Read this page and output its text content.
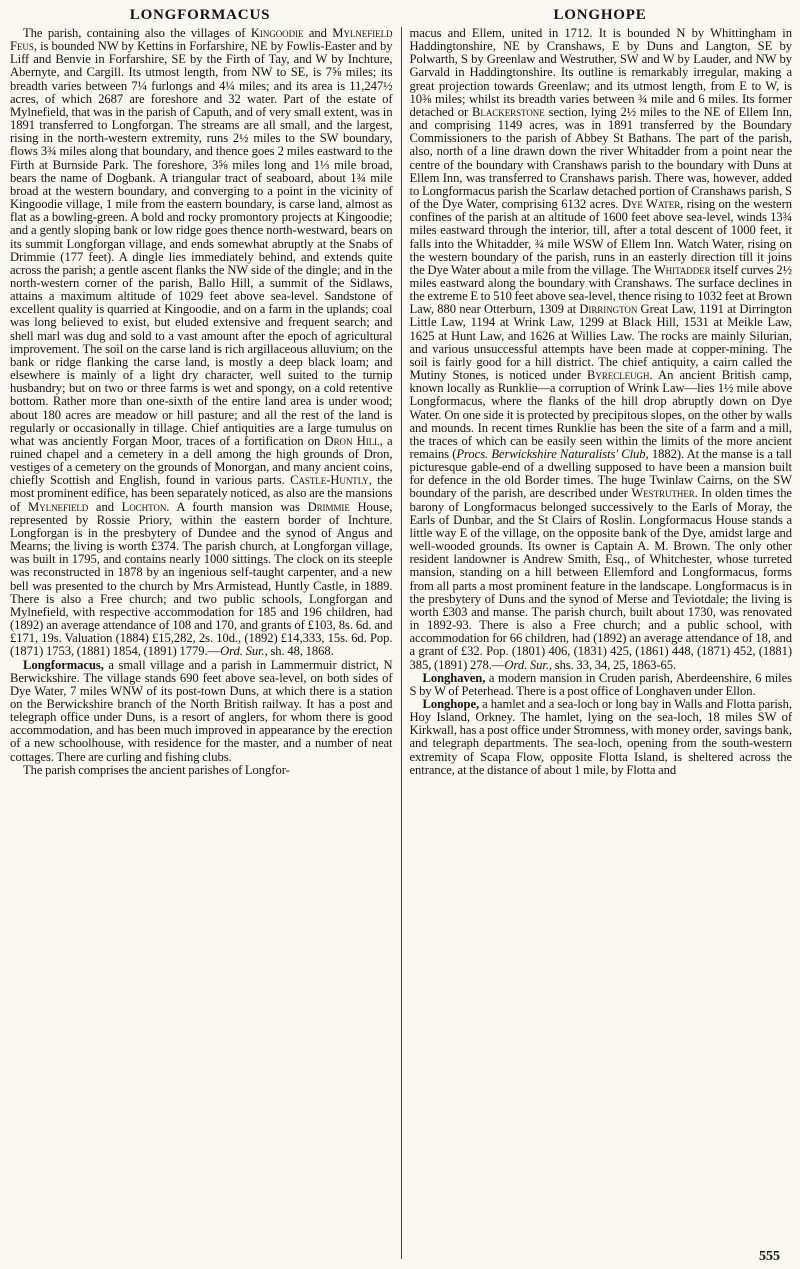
LONGFORMACUS	LONGHOPE

The parish, containing also the villages of Kingoodie and Mylnefield Feus, is bounded NW by Kettins in Forfarshire, NE by Fowlis-Easter and by Liff and Benvie in Forfarshire, SE by the Firth of Tay, and W by Inchture, Abernyte, and Cargill. Its utmost length, from NW to SE, is 7⅝ miles; its breadth varies between 7¼ furlongs and 4¼ miles; and its area is 11,247½ acres, of which 2687 are foreshore and 32 water. Part of the estate of Mylnefield, that was in the parish of Caputh, and of very small extent, was in 1891 transferred to Longforgan. The streams are all small, and the largest, rising in the north-western extremity, runs 2½ miles to the SW boundary, flows 3¾ miles along that boundary, and thence goes 2 miles eastward to the Firth at Burnside Park. The foreshore, 3⅝ miles long and 1⅓ mile broad, bears the name of Dogbank. A triangular tract of seaboard, about 1¾ mile broad at the western boundary, and converging to a point in the vicinity of Kingoodie village, 1 mile from the eastern boundary, is carse land, almost as flat as a bowling-green. A bold and rocky promontory projects at Kingoodie; and a gently sloping bank or low ridge goes thence north-westward, bears on its summit Longforgan village, and ends somewhat abruptly at the Snabs of Drimmie (177 feet). A dingle lies immediately behind, and extends quite across the parish; a gentle ascent flanks the NW side of the dingle; and in the north-western corner of the parish, Ballo Hill, a summit of the Sidlaws, attains a maximum altitude of 1029 feet above sea-level. Sandstone of excellent quality is quarried at Kingoodie, and on a farm in the uplands; coal was long believed to exist, but eluded extensive and frequent search; and shell marl was dug and sold to a vast amount after the epoch of agricultural improvement. The soil on the carse land is rich argillaceous alluvium; on the bank or ridge flanking the carse land, is mostly a deep black loam; and elsewhere is mainly of a light dry character, well suited to the turnip husbandry; but on two or three farms is wet and spongy, on a cold retentive bottom. Rather more than one-sixth of the entire land area is under wood; about 180 acres are meadow or hill pasture; and all the rest of the land is regularly or occasionally in tillage. Chief antiquities are a large tumulus on what was anciently Forgan Moor, traces of a fortification on Dron Hill, a ruined chapel and a cemetery in a dell among the high grounds of Dron, vestiges of a cemetery on the grounds of Monorgan, and many ancient coins, chiefly Scottish and English, found in various parts. Castle-Huntly, the most prominent edifice, has been separately noticed, as also are the mansions of Mylnefield and Lochton. A fourth mansion was Drimmie House, represented by Rossie Priory, within the eastern border of Inchture. Longforgan is in the presbytery of Dundee and the synod of Angus and Mearns; the living is worth £374. The parish church, at Longforgan village, was built in 1795, and contains nearly 1000 sittings. The clock on its steeple was reconstructed in 1878 by an ingenious self-taught carpenter, and a new bell was presented to the church by Mrs Armistead, Huntly Castle, in 1889. There is also a Free church; and two public schools, Longforgan and Mylnefield, with respective accommodation for 185 and 196 children, had (1892) an average attendance of 108 and 170, and grants of £103, 8s. 6d. and £171, 19s. Valuation (1884) £15,282, 2s. 10d., (1892) £14,333, 15s. 6d. Pop. (1871) 1753, (1881) 1854, (1891) 1779.—Ord. Sur., sh. 48, 1868.

Longformacus, a small village and a parish in Lammermuir district, N Berwickshire. The village stands 690 feet above sea-level, on both sides of Dye Water, 7 miles WNW of its post-town Duns, at which there is a station on the Berwickshire branch of the North British railway. It has a post and telegraph office under Duns, is a resort of anglers, for whom there is good accommodation, and has been much improved in appearance by the erection of a new schoolhouse, with residence for the master, and a number of neat cottages. There are curling and fishing clubs.

The parish comprises the ancient parishes of Longfor-

macus and Ellem, united in 1712. It is bounded N by Whittingham in Haddingtonshire, NE by Cranshaws, E by Duns and Langton, SE by Polwarth, S by Greenlaw and Westruther, SW and W by Lauder, and NW by Garvald in Haddingtonshire. Its outline is remarkably irregular, making a great projection towards Greenlaw; and its utmost length, from E to W, is 10⅜ miles; whilst its breadth varies between ¾ mile and 6 miles. Its former detached or Blackerstone section, lying 2½ miles to the NE of Ellem Inn, and comprising 1149 acres, was in 1891 transferred by the Boundary Commissioners to the parish of Abbey St Bathans. The part of the parish, also, north of a line drawn down the river Whitadder from a point near the centre of the boundary with Cranshaws parish to the boundary with Duns at Ellem Inn, was transferred to Cranshaws parish. There was, however, added to Longformacus parish the Scarlaw detached portion of Cranshaws parish, S of the Dye Water, comprising 6132 acres. Dye Water, rising on the western confines of the parish at an altitude of 1600 feet above sea-level, winds 13¾ miles eastward through the interior, till, after a total descent of 1000 feet, it falls into the Whitadder, ¾ mile WSW of Ellem Inn. Watch Water, rising on the western boundary of the parish, runs in an easterly direction till it joins the Dye Water about a mile from the village. The Whitadder itself curves 2½ miles eastward along the boundary with Cranshaws. The surface declines in the extreme E to 510 feet above sea-level, thence rising to 1032 feet at Brown Law, 880 near Otterburn, 1309 at Dirrington Great Law, 1191 at Dirrington Little Law, 1194 at Wrink Law, 1299 at Black Hill, 1531 at Meikle Law, 1625 at Hunt Law, and 1626 at Willies Law. The rocks are mainly Silurian, and various unsuccessful attempts have been made at copper-mining. The soil is fairly good for a hill district. The chief antiquity, a cairn called the Mutiny Stones, is noticed under Byrecleugh. An ancient British camp, known locally as Runklie—a corruption of Wrink Law—lies 1½ mile above Longformacus, where the flanks of the hill drop abruptly down on Dye Water. On one side it is protected by precipitous slopes, on the other by walls and mounds. In recent times Runklie has been the site of a farm and a mill, the traces of which can be easily seen within the limits of the more ancient remains (Procs. Berwickshire Naturalists' Club, 1882). At the manse is a tall picturesque gable-end of a dwelling supposed to have been a mansion built for defence in the old Border times. The huge Twinlaw Cairns, on the SW boundary of the parish, are described under Westruther. In olden times the barony of Longformacus belonged successively to the Earls of Moray, the Earls of Dunbar, and the St Clairs of Roslin. Longformacus House stands a little way E of the village, on the opposite bank of the Dye, amidst large and well-wooded grounds. Its owner is Captain A. M. Brown. The only other resident landowner is Andrew Smith, Esq., of Whitchester, whose turreted mansion, standing on a hill between Ellemford and Longformacus, forms from all parts a most prominent feature in the landscape. Longformacus is in the presbytery of Duns and the synod of Merse and Teviotdale; the living is worth £303 and manse. The parish church, built about 1730, was renovated in 1892-93. There is also a Free church; and a public school, with accommodation for 66 children, had (1892) an average attendance of 18, and a grant of £32. Pop. (1801) 406, (1831) 425, (1861) 448, (1871) 452, (1881) 385, (1891) 278.—Ord. Sur., shs. 33, 34, 25, 1863-65.

Longhaven, a modern mansion in Cruden parish, Aberdeenshire, 6 miles S by W of Peterhead. There is a post office of Longhaven under Ellon.

Longhope, a hamlet and a sea-loch or long bay in Walls and Flotta parish, Hoy Island, Orkney. The hamlet, lying on the sea-loch, 18 miles SW of Kirkwall, has a post office under Stromness, with money order, savings bank, and telegraph departments. The sea-loch, opening from the south-western extremity of Scapa Flow, opposite Flotta Island, is sheltered across the entrance, at the distance of about 1 mile, by Flotta and

555
